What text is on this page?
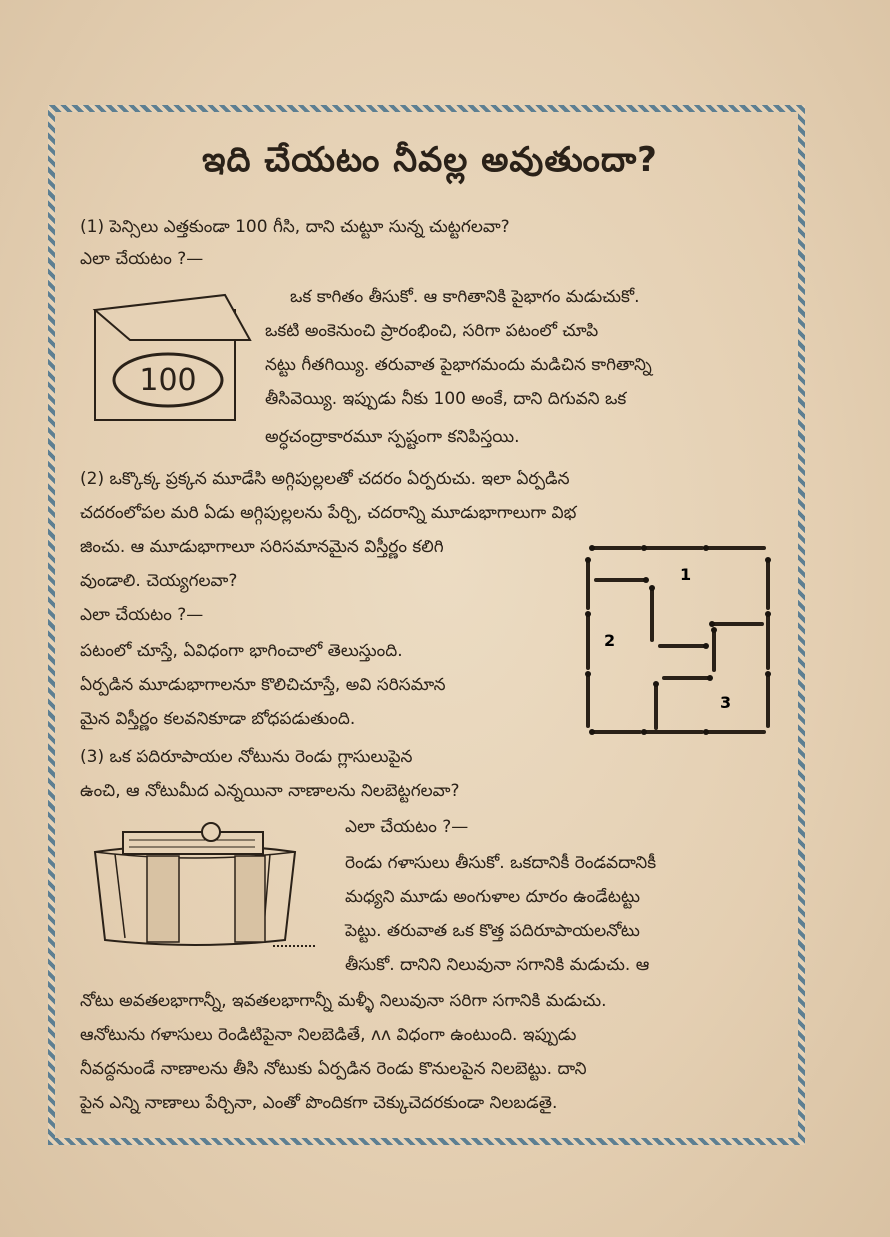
ఇది చేయటం నీవల్ల అవుతుందా?
(1) పెన్సిలు ఎత్తకుండా 100 గీసి, దాని చుట్టూ సున్న చుట్టగలవా?
ఎలా చేయటం ?—
ఒక కాగితం తీసుకో. ఆ కాగితానికి పైభాగం మడుచుకో.
ఒకటి అంకెనుంచి ప్రారంభించి, సరిగా పటంలో చూపి
నట్టు గీతగియ్యి. తరువాత పైభాగమందు మడిచిన కాగితాన్ని
తీసివెయ్యి. ఇప్పుడు నీకు 100 అంకే, దాని దిగువని ఒక
అర్ధచంద్రాకారమూ స్పష్టంగా కనిపిస్తయి.
100
(2) ఒక్కొక్క ప్రక్కన మూడేసి అగ్గిపుల్లలతో చదరం ఏర్పరుచు. ఇలా ఏర్పడిన
చదరంలోపల మరి ఏడు అగ్గిపుల్లలను పేర్చి, చదరాన్ని మూడుభాగాలుగా విభ
జించు. ఆ మూడుభాగాలూ సరిసమానమైన విస్తీర్ణం కలిగి
వుండాలి. చెయ్యగలవా?
ఎలా చేయటం ?—
పటంలో చూస్తే, ఏవిధంగా భాగించాలో తెలుస్తుంది.
ఏర్పడిన మూడుభాగాలనూ కొలిచిచూస్తే, అవి సరిసమాన
మైన విస్తీర్ణం కలవనికూడా బోధపడుతుంది.
1
2
3
(3) ఒక పదిరూపాయల నోటును రెండు గ్లాసులుపైన
ఉంచి, ఆ నోటుమీద ఎన్నయినా నాణాలను నిలబెట్టగలవా?
ఎలా చేయటం ?—
రెండు గళాసులు తీసుకో. ఒకదానికీ రెండవదానికీ
మధ్యని మూడు అంగుళాల దూరం ఉండేటట్టు
పెట్టు. తరువాత ఒక కొత్త పదిరూపాయలనోటు
తీసుకో. దానిని నిలువునా సగానికి మడుచు. ఆ
నోటు అవతలభాగాన్నీ, ఇవతలభాగాన్నీ మళ్ళీ నిలువునా సరిగా సగానికి మడుచు.
ఆనోటును గళాసులు రెండిటిపైనా నిలబెడితే, ʌʌ విధంగా ఉంటుంది. ఇప్పుడు
నీవద్దనుండే నాణాలను తీసి నోటుకు ఏర్పడిన రెండు కొనులపైన నిలబెట్టు. దాని
పైన ఎన్ని నాణాలు పేర్చినా, ఎంతో పొందికగా చెక్కుచెదరకుండా నిలబడతై.
